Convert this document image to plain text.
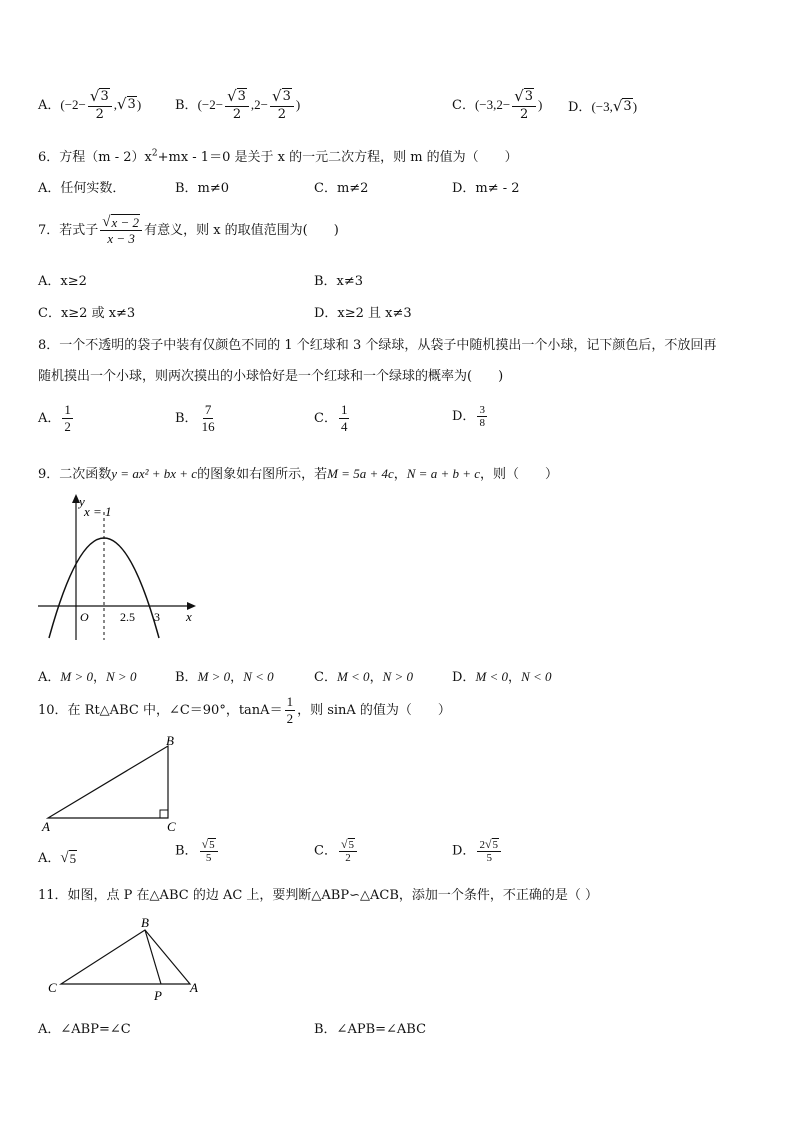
A．($-2- \frac{√ 3}{2}$ , √ 3 )	B．($-2- \frac{√ 3}{2} ,2- \frac{√ 3}{2}$ )	C．($-3,2- \frac{√ 3}{2}$ ) D．(−3, √ 3 )
6．方程$(m - 2)x^2+mx - 1=0$ 是关于 x 的一元二次方程，则 m 的值为（　　）
A．任何实数．	B．m≠0	C．m≠2	D．m≠ - 2
7．若式子 $\frac{√ x - 2}{x - 3}$ 有意义，则 x 的取值范围为(　　)
A．x≥2	B．x≠3
C．x≥2 或 x≠3	D．x≥2 且 x≠3
8．一个不透明的袋子中装有仅颜色不同的 1 个红球和 3 个绿球，从袋子中随机摸出一个小球，记下颜色后，不放回再
随机摸出一个小球，则两次摸出的小球恰好是一个红球和一个绿球的概率为(　　)
A． $\frac{1}{2}$	B． $\frac{7}{16}$	C． $\frac{1}{4}$	D． $\frac{3}{8}$
9．二次函数y = ax² + bx + c的图象如右图所示，若M = 5a + 4c，N = a + b + c，则（　　）
y
x = 1
O	2.5 3 x
A．M > 0，N > 0	B．M > 0，N < 0	C．M < 0，N > 0	D．M < 0，N < 0
10．在 Rt△ABC 中，∠C＝90°，$\tan A= \frac{1}{2}$ ，则 sinA 的值为（　　）
A
B
C
A． √ 5	B． $\frac{√ 5}{5}$	C． $\frac{√ 5}{2}$	D． $\frac{2 √ 5}{5}$
11．如图，点 P 在△ABC 的边 AC 上，要判断△ABP∽△ACB，添加一个条件，不正确的是（ ）
B
C	A
P
A．∠ABP=∠C	B．∠APB=∠ABC
